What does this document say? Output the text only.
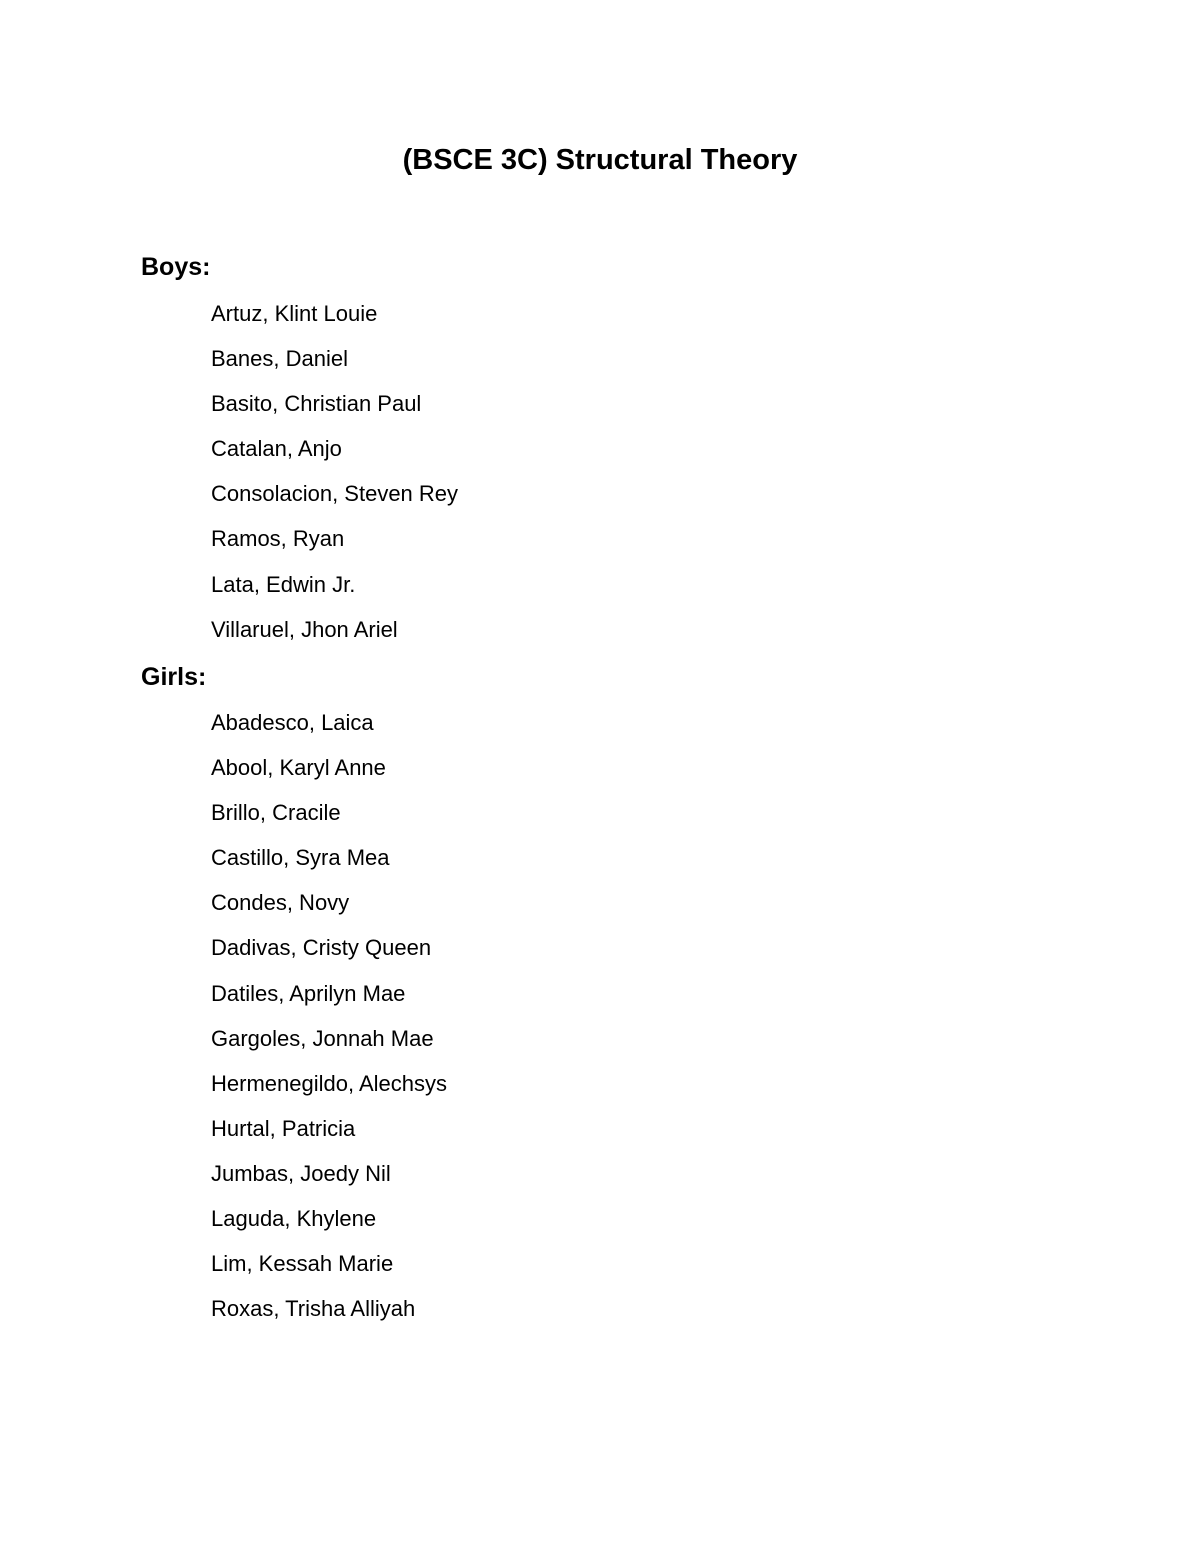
(BSCE 3C) Structural Theory
Boys:
Artuz, Klint Louie
Banes, Daniel
Basito, Christian Paul
Catalan, Anjo
Consolacion, Steven Rey
Ramos, Ryan
Lata, Edwin Jr.
Villaruel, Jhon Ariel
Girls:
Abadesco, Laica
Abool, Karyl Anne
Brillo, Cracile
Castillo, Syra Mea
Condes, Novy
Dadivas, Cristy Queen
Datiles, Aprilyn Mae
Gargoles, Jonnah Mae
Hermenegildo, Alechsys
Hurtal, Patricia
Jumbas, Joedy Nil
Laguda, Khylene
Lim, Kessah Marie
Roxas, Trisha Alliyah
